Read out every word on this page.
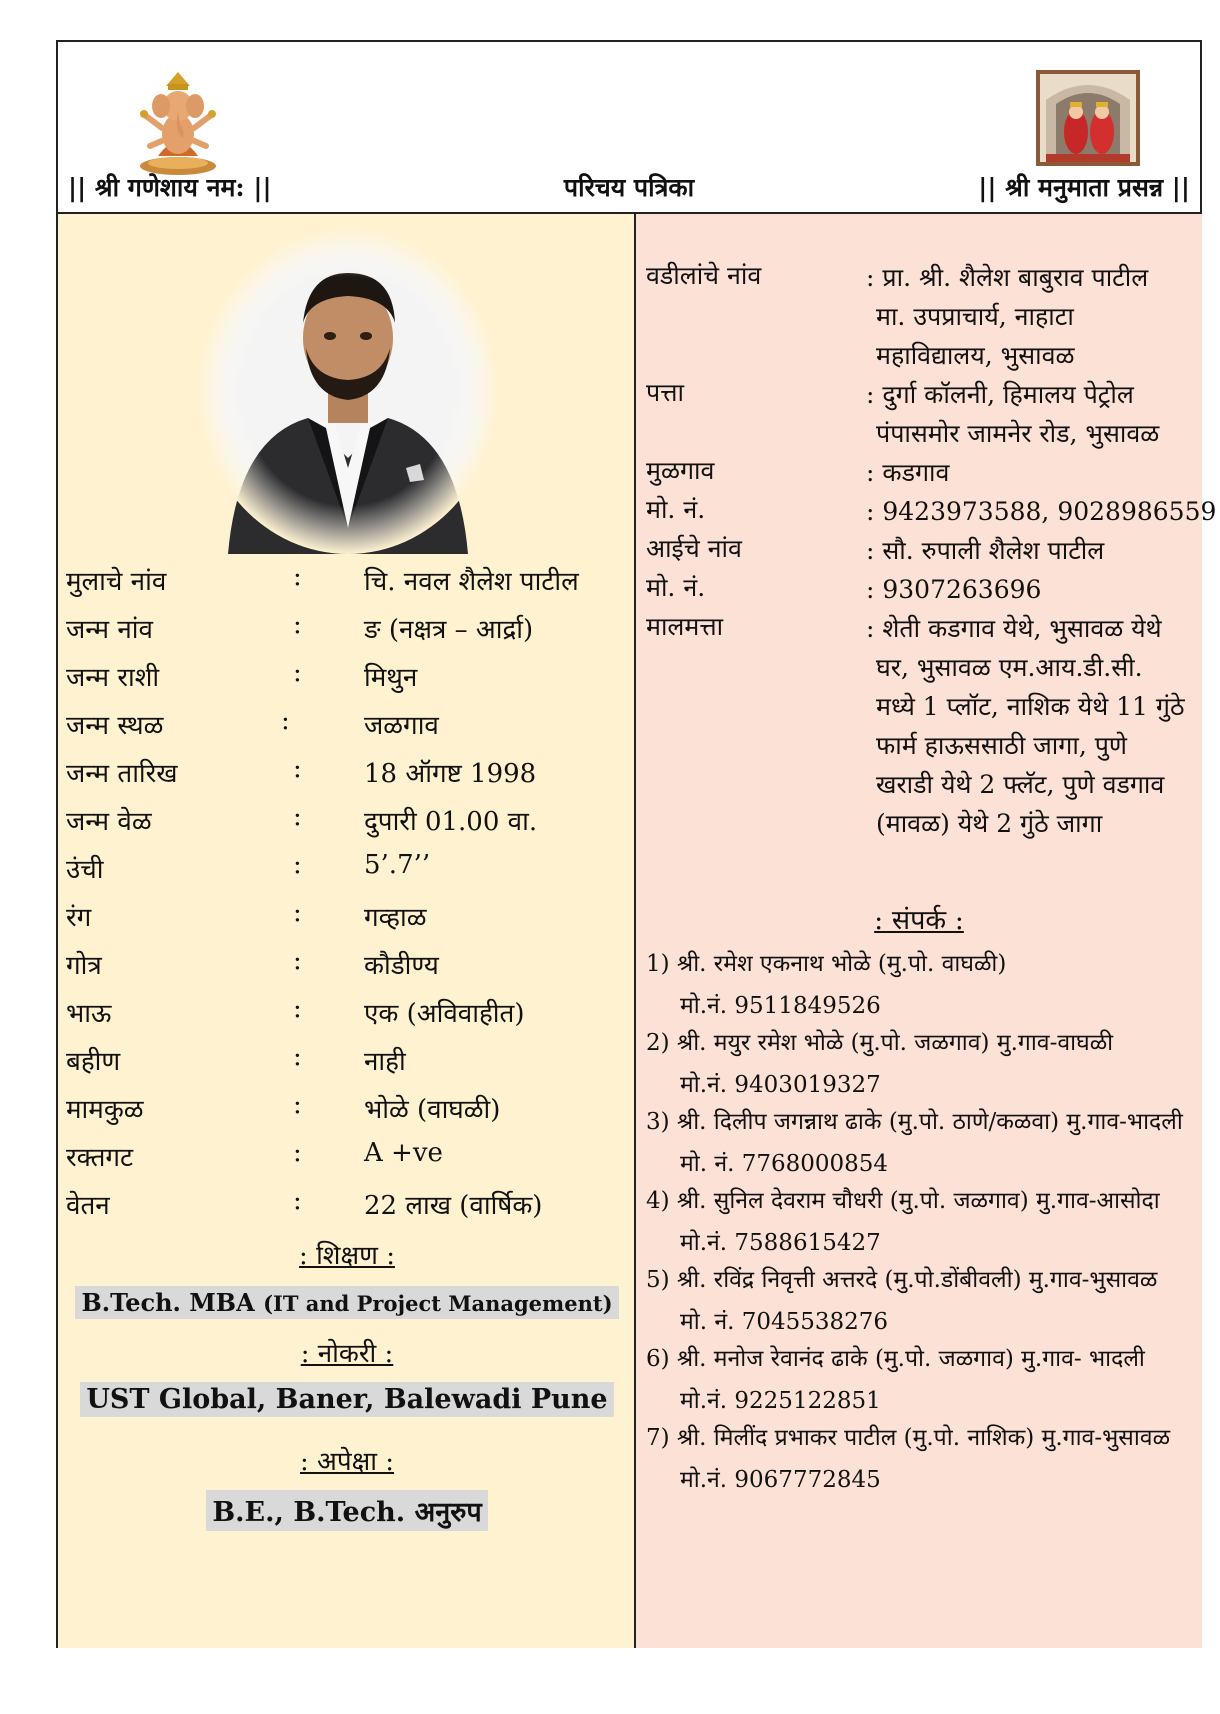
|| श्री गणेशाय नम: ||	परिचय पत्रिका	|| श्री मनुमाता प्रसन्न ||
मुलाचे नांव	: चि. नवल शैलेश पाटील
जन्म नांव	: ङ (नक्षत्र – आर्द्रा)
जन्म राशी	: मिथुन
जन्म स्थळ	:	जळगाव
जन्म तारिख	: 18 ऑगष्ट 1998
जन्म वेळ	: दुपारी 01.00 वा.
उंची	: 5’.7’’
रंग	: गव्हाळ
गोत्र	: कौडीण्य
भाऊ	: एक (अविवाहीत)
बहीण	: नाही
मामकुळ	: भोळे (वाघळी)
रक्तगट	: A +ve
वेतन	: 22 लाख (वार्षिक)
: शिक्षण :
B.Tech. MBA (IT and Project Management)
: नोकरी :
UST Global, Baner, Balewadi Pune
: अपेक्षा :
B.E., B.Tech. अनुरुप
वडीलांचे नांव	: प्रा. श्री. शैलेश बाबुराव पाटील
मा. उपप्राचार्य, नाहाटा
महाविद्यालय, भुसावळ
पत्ता	: दुर्गा कॉलनी, हिमालय पेट्रोल
पंपासमोर जामनेर रोड, भुसावळ
मुळगाव	: कडगाव
मो. नं.	: 9423973588, 9028986559
आईचे नांव	: सौ. रुपाली शैलेश पाटील
मो. नं.	: 9307263696
मालमत्ता	: शेती कडगाव येथे, भुसावळ येथे
घर, भुसावळ एम.आय.डी.सी.
मध्ये 1 प्लॉट, नाशिक येथे 11 गुंठे
फार्म हाऊससाठी जागा, पुणे
खराडी येथे 2 फ्लॅट, पुणे वडगाव
(मावळ) येथे 2 गुंठे जागा
: संपर्क :
1) श्री. रमेश एकनाथ भोळे (मु.पो. वाघळी)
मो.नं. 9511849526
2) श्री. मयुर रमेश भोळे (मु.पो. जळगाव) मु.गाव-वाघळी
मो.नं. 9403019327
3) श्री. दिलीप जगन्नाथ ढाके (मु.पो. ठाणे/कळवा) मु.गाव-भादली
मो. नं. 7768000854
4) श्री. सुनिल देवराम चौधरी (मु.पो. जळगाव) मु.गाव-आसोदा
मो.नं. 7588615427
5) श्री. रविंद्र निवृत्ती अत्तरदे (मु.पो.डोंबीवली) मु.गाव-भुसावळ
मो. नं. 7045538276
6) श्री. मनोज रेवानंद ढाके (मु.पो. जळगाव) मु.गाव- भादली
मो.नं. 9225122851
7) श्री. मिलींद प्रभाकर पाटील (मु.पो. नाशिक) मु.गाव-भुसावळ
मो.नं. 9067772845
